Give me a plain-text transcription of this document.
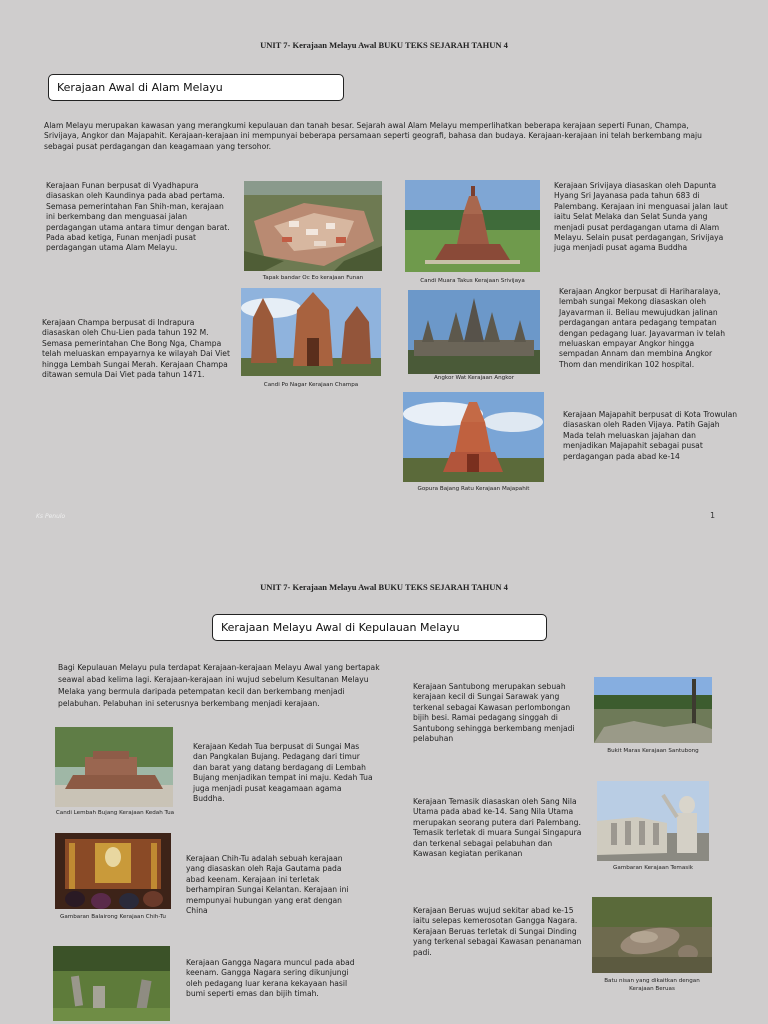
UNIT 7- Kerajaan Melayu Awal BUKU TEKS SEJARAH TAHUN 4
Kerajaan Awal di Alam Melayu
Alam Melayu merupakan kawasan yang merangkumi kepulauan dan tanah besar. Sejarah awal Alam Melayu memperlihatkan beberapa kerajaan seperti Funan, Champa, Srivijaya, Angkor dan Majapahit. Kerajaan-kerajaan ini mempunyai beberapa persamaan seperti geografi, bahasa dan budaya. Kerajaan-kerajaan ini telah berkembang maju sebagai pusat perdagangan dan keagamaan yang tersohor.
Kerajaan Funan berpusat di Vyadhapura diasaskan oleh Kaundinya pada abad pertama. Semasa pemerintahan Fan Shih-man, kerajaan ini berkembang dan menguasai jalan perdagangan utama antara timur dengan barat. Pada abad ketiga, Funan menjadi pusat perdagangan utama Alam Melayu.
Tapak bandar Oc Eo kerajaan Funan	Candi Muara Takus Kerajaan Srivijaya
Kerajaan Srivijaya diasaskan oleh Dapunta Hyang Sri Jayanasa pada tahun 683 di Palembang. Kerajaan ini menguasai jalan laut iaitu Selat Melaka dan Selat Sunda yang menjadi pusat perdagangan utama di Alam Melayu. Selain pusat perdagangan, Srivijaya juga menjadi pusat agama Buddha
Kerajaan Champa berpusat di Indrapura diasaskan oleh Chu-Lien pada tahun 192 M. Semasa pemerintahan Che Bong Nga, Champa telah meluaskan empayarnya ke wilayah Dai Viet hingga Lembah Sungai Merah. Kerajaan Champa ditawan semula Dai Viet pada tahun 1471.
Candi Po Nagar Kerajaan Champa
Angkor Wat Kerajaan Angkor
Kerajaan Angkor berpusat di Hariharalaya, lembah sungai Mekong diasaskan oleh Jayavarman ii. Beliau mewujudkan jalinan perdagangan antara pedagang tempatan dengan pedagang luar. Jayavarman iv telah meluaskan empayar Angkor hingga sempadan Annam dan membina Angkor Thom dan mendirikan 102 hospital.
Gopura Bajang Ratu Kerajaan Majapahit
Kerajaan Majapahit berpusat di Kota Trowulan diasaskan oleh Raden Vijaya. Patih Gajah Mada telah meluaskan jajahan dan menjadikan Majapahit sebagai pusat perdagangan pada abad ke-14
Ks Penulo	1
UNIT 7- Kerajaan Melayu Awal BUKU TEKS SEJARAH TAHUN 4
Kerajaan Melayu Awal di Kepulauan Melayu
Bagi Kepulauan Melayu pula terdapat Kerajaan-kerajaan Melayu Awal yang bertapak seawal abad kelima lagi. Kerajaan-kerajaan ini wujud sebelum Kesultanan Melayu Melaka yang bermula daripada petempatan kecil dan berkembang menjadi pelabuhan. Pelabuhan ini seterusnya berkembang menjadi kerajaan.
Candi Lembah Bujang Kerajaan Kedah Tua
Kerajaan Kedah Tua berpusat di Sungai Mas dan Pangkalan Bujang. Pedagang dari timur dan barat yang datang berdagang di Lembah Bujang menjadikan tempat ini maju. Kedah Tua juga menjadi pusat keagamaan agama Buddha.
Gambaran Balairong Kerajaan Chih-Tu
Kerajaan Chih-Tu adalah sebuah kerajaan yang diasaskan oleh Raja Gautama pada abad keenam. Kerajaan ini terletak berhampiran Sungai Kelantan. Kerajaan ini mempunyai hubungan yang erat dengan China
Kerajaan Gangga Nagara muncul pada abad keenam. Gangga Nagara sering dikunjungi oleh pedagang luar kerana kekayaan hasil bumi seperti emas dan bijih timah.
Kerajaan Santubong merupakan sebuah kerajaan kecil di Sungai Sarawak yang terkenal sebagai Kawasan perlombongan bijih besi. Ramai pedagang singgah di Santubong sehingga berkembang menjadi pelabuhan
Bukit Maras Kerajaan Santubong
Kerajaan Temasik diasaskan oleh Sang Nila Utama pada abad ke-14. Sang Nila Utama merupakan seorang putera dari Palembang. Temasik terletak di muara Sungai Singapura dan terkenal sebagai pelabuhan dan Kawasan kegiatan perikanan
Gambaran Kerajaan Temasik
Kerajaan Beruas wujud sekitar abad ke-15 iaitu selepas kemerosotan Gangga Nagara. Kerajaan Beruas terletak di Sungai Dinding yang terkenal sebagai Kawasan penanaman padi.
Batu nisan yang dikaitkan dengan
Kerajaan Beruas
